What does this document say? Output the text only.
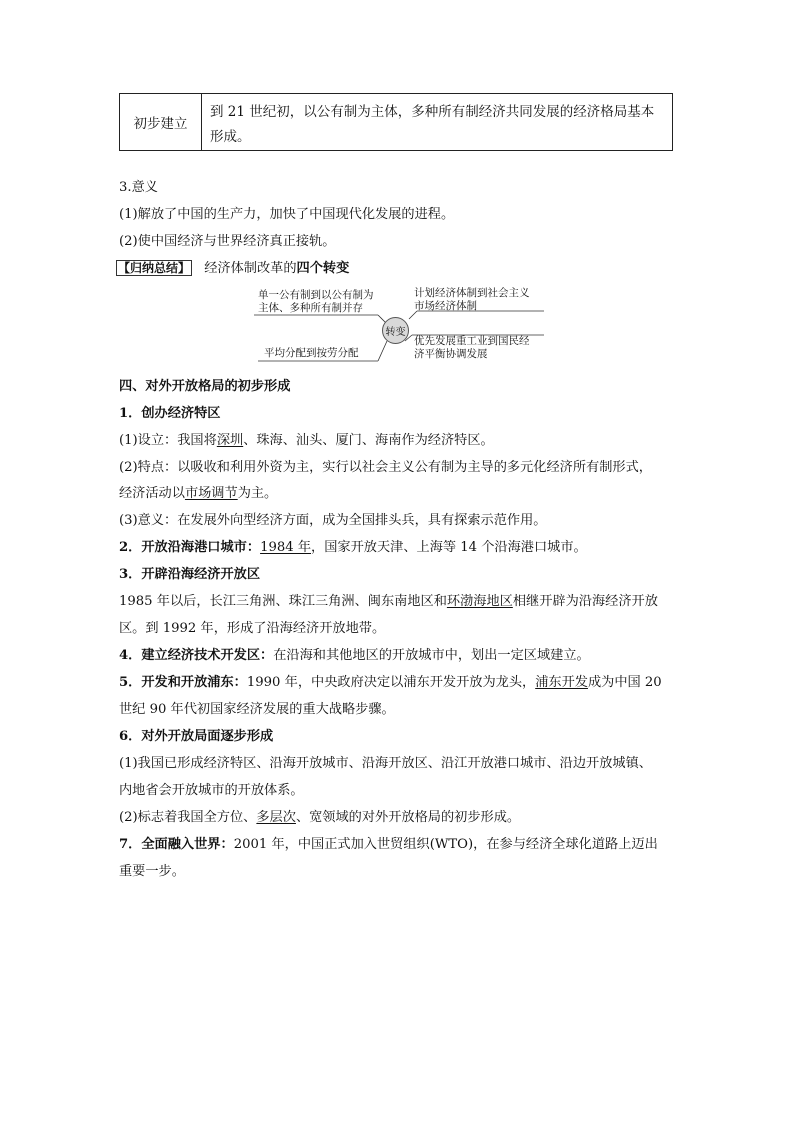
初步建立
到 21 世纪初，以公有制为主体，多种所有制经济共同发展的经济格局基本形成。
3.意义
(1)解放了中国的生产力，加快了中国现代化发展的进程。
(2)使中国经济与世界经济真正接轨。
【归纳总结】 经济体制改革的四个转变
单一公有制到以公有制为
主体、多种所有制并存
计划经济体制到社会主义
市场经济体制
平均分配到按劳分配
优先发展重工业到国民经
济平衡协调发展
转变
四、对外开放格局的初步形成
1．创办经济特区
(1)设立：我国将深圳、珠海、汕头、厦门、海南作为经济特区。
(2)特点：以吸收和利用外资为主，实行以社会主义公有制为主导的多元化经济所有制形式，
经济活动以市场调节为主。
(3)意义：在发展外向型经济方面，成为全国排头兵，具有探索示范作用。
2．开放沿海港口城市：1984 年，国家开放天津、上海等 14 个沿海港口城市。
3．开辟沿海经济开放区
1985 年以后，长江三角洲、珠江三角洲、闽东南地区和环渤海地区相继开辟为沿海经济开放
区。到 1992 年，形成了沿海经济开放地带。
4．建立经济技术开发区：在沿海和其他地区的开放城市中，划出一定区域建立。
5．开发和开放浦东：1990 年，中央政府决定以浦东开发开放为龙头，浦东开发成为中国 20
世纪 90 年代初国家经济发展的重大战略步骤。
6．对外开放局面逐步形成
(1)我国已形成经济特区、沿海开放城市、沿海开放区、沿江开放港口城市、沿边开放城镇、
内地省会开放城市的开放体系。
(2)标志着我国全方位、多层次、宽领域的对外开放格局的初步形成。
7．全面融入世界：2001 年，中国正式加入世贸组织(WTO)，在参与经济全球化道路上迈出
重要一步。
